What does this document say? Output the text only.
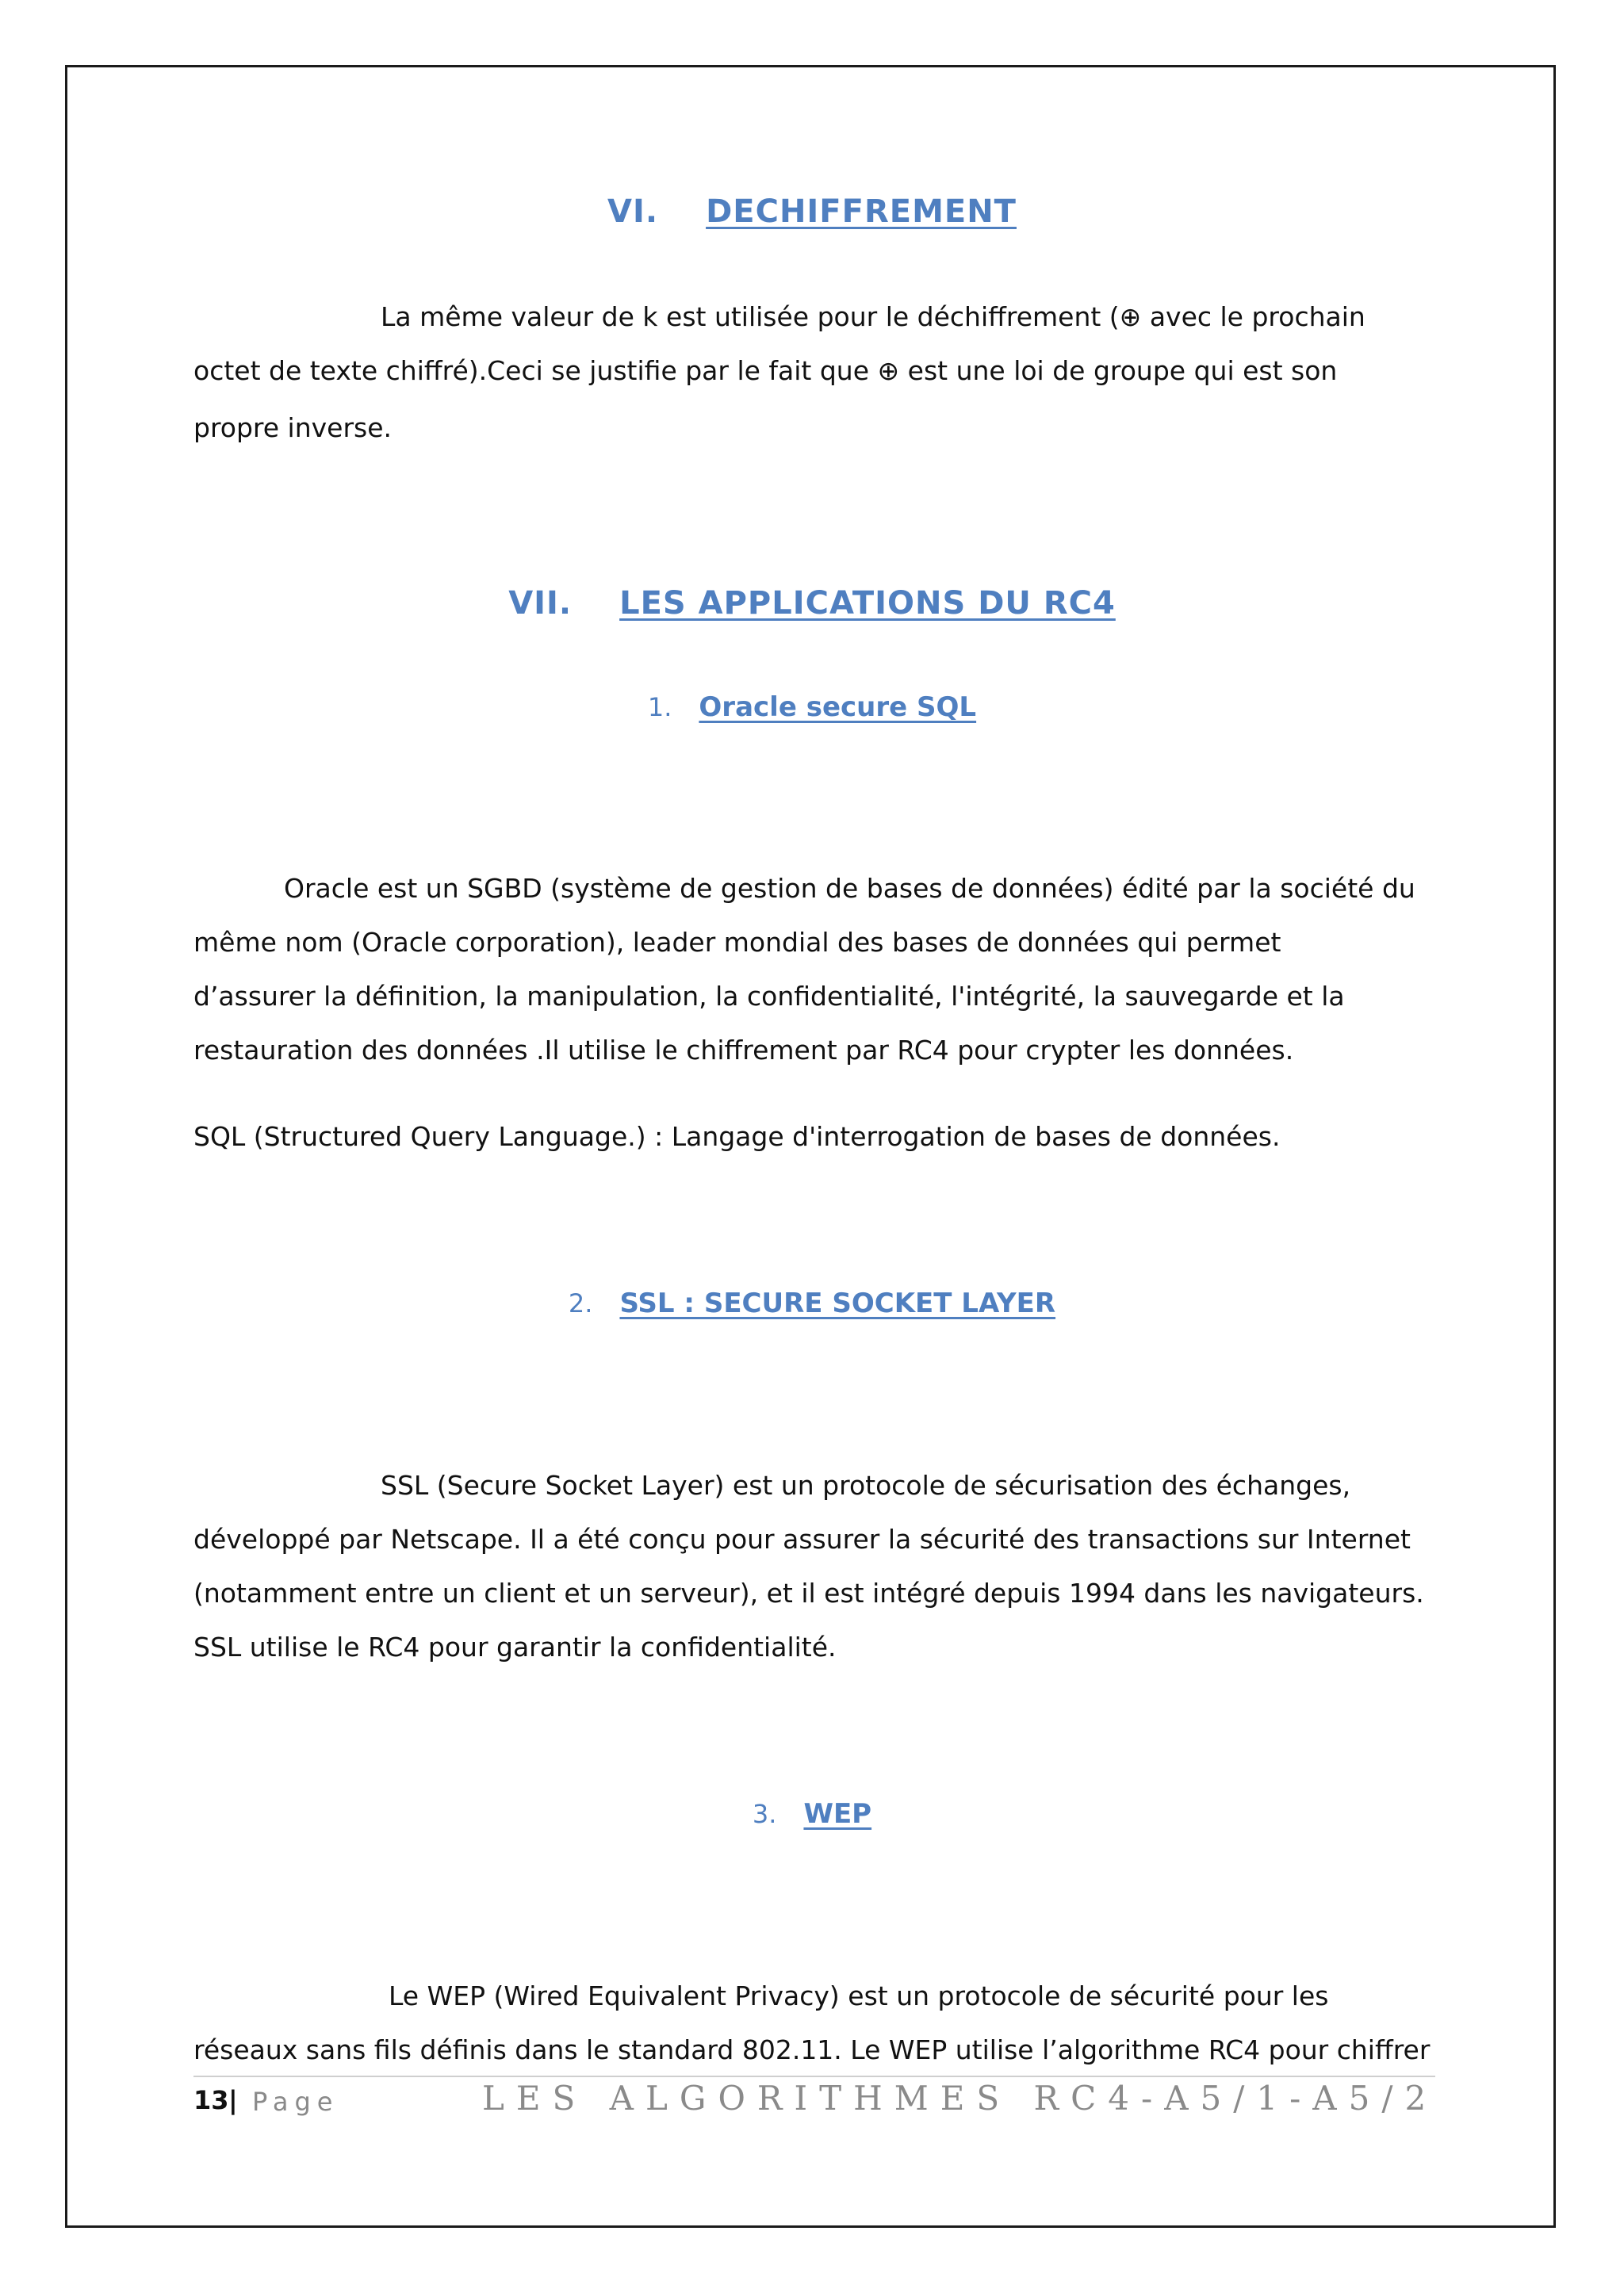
VI. DECHIFFREMENT
La même valeur de k est utilisée pour le déchiffrement (⊕ avec le prochain
octet de texte chiffré).Ceci se justifie par le fait que ⊕ est une loi de groupe qui est son
propre inverse.
VII. LES APPLICATIONS DU RC4
1. Oracle secure SQL
Oracle est un SGBD (système de gestion de bases de données) édité par la société du
même nom (Oracle corporation), leader mondial des bases de données qui permet
d’assurer la définition, la manipulation, la confidentialité, l'intégrité, la sauvegarde et la
restauration des données .Il utilise le chiffrement par RC4 pour crypter les données.
SQL (Structured Query Language.) : Langage d'interrogation de bases de données.
2. SSL : SECURE SOCKET LAYER
SSL (Secure Socket Layer) est un protocole de sécurisation des échanges,
développé par Netscape. Il a été conçu pour assurer la sécurité des transactions sur Internet
(notamment entre un client et un serveur), et il est intégré depuis 1994 dans les navigateurs.
SSL utilise le RC4 pour garantir la confidentialité.
3. WEP
Le WEP (Wired Equivalent Privacy) est un protocole de sécurité pour les
réseaux sans fils définis dans le standard 802.11. Le WEP utilise l’algorithme RC4 pour chiffrer
13 | Page	LES ALGORITHMES RC4-A5/1-A5/2
